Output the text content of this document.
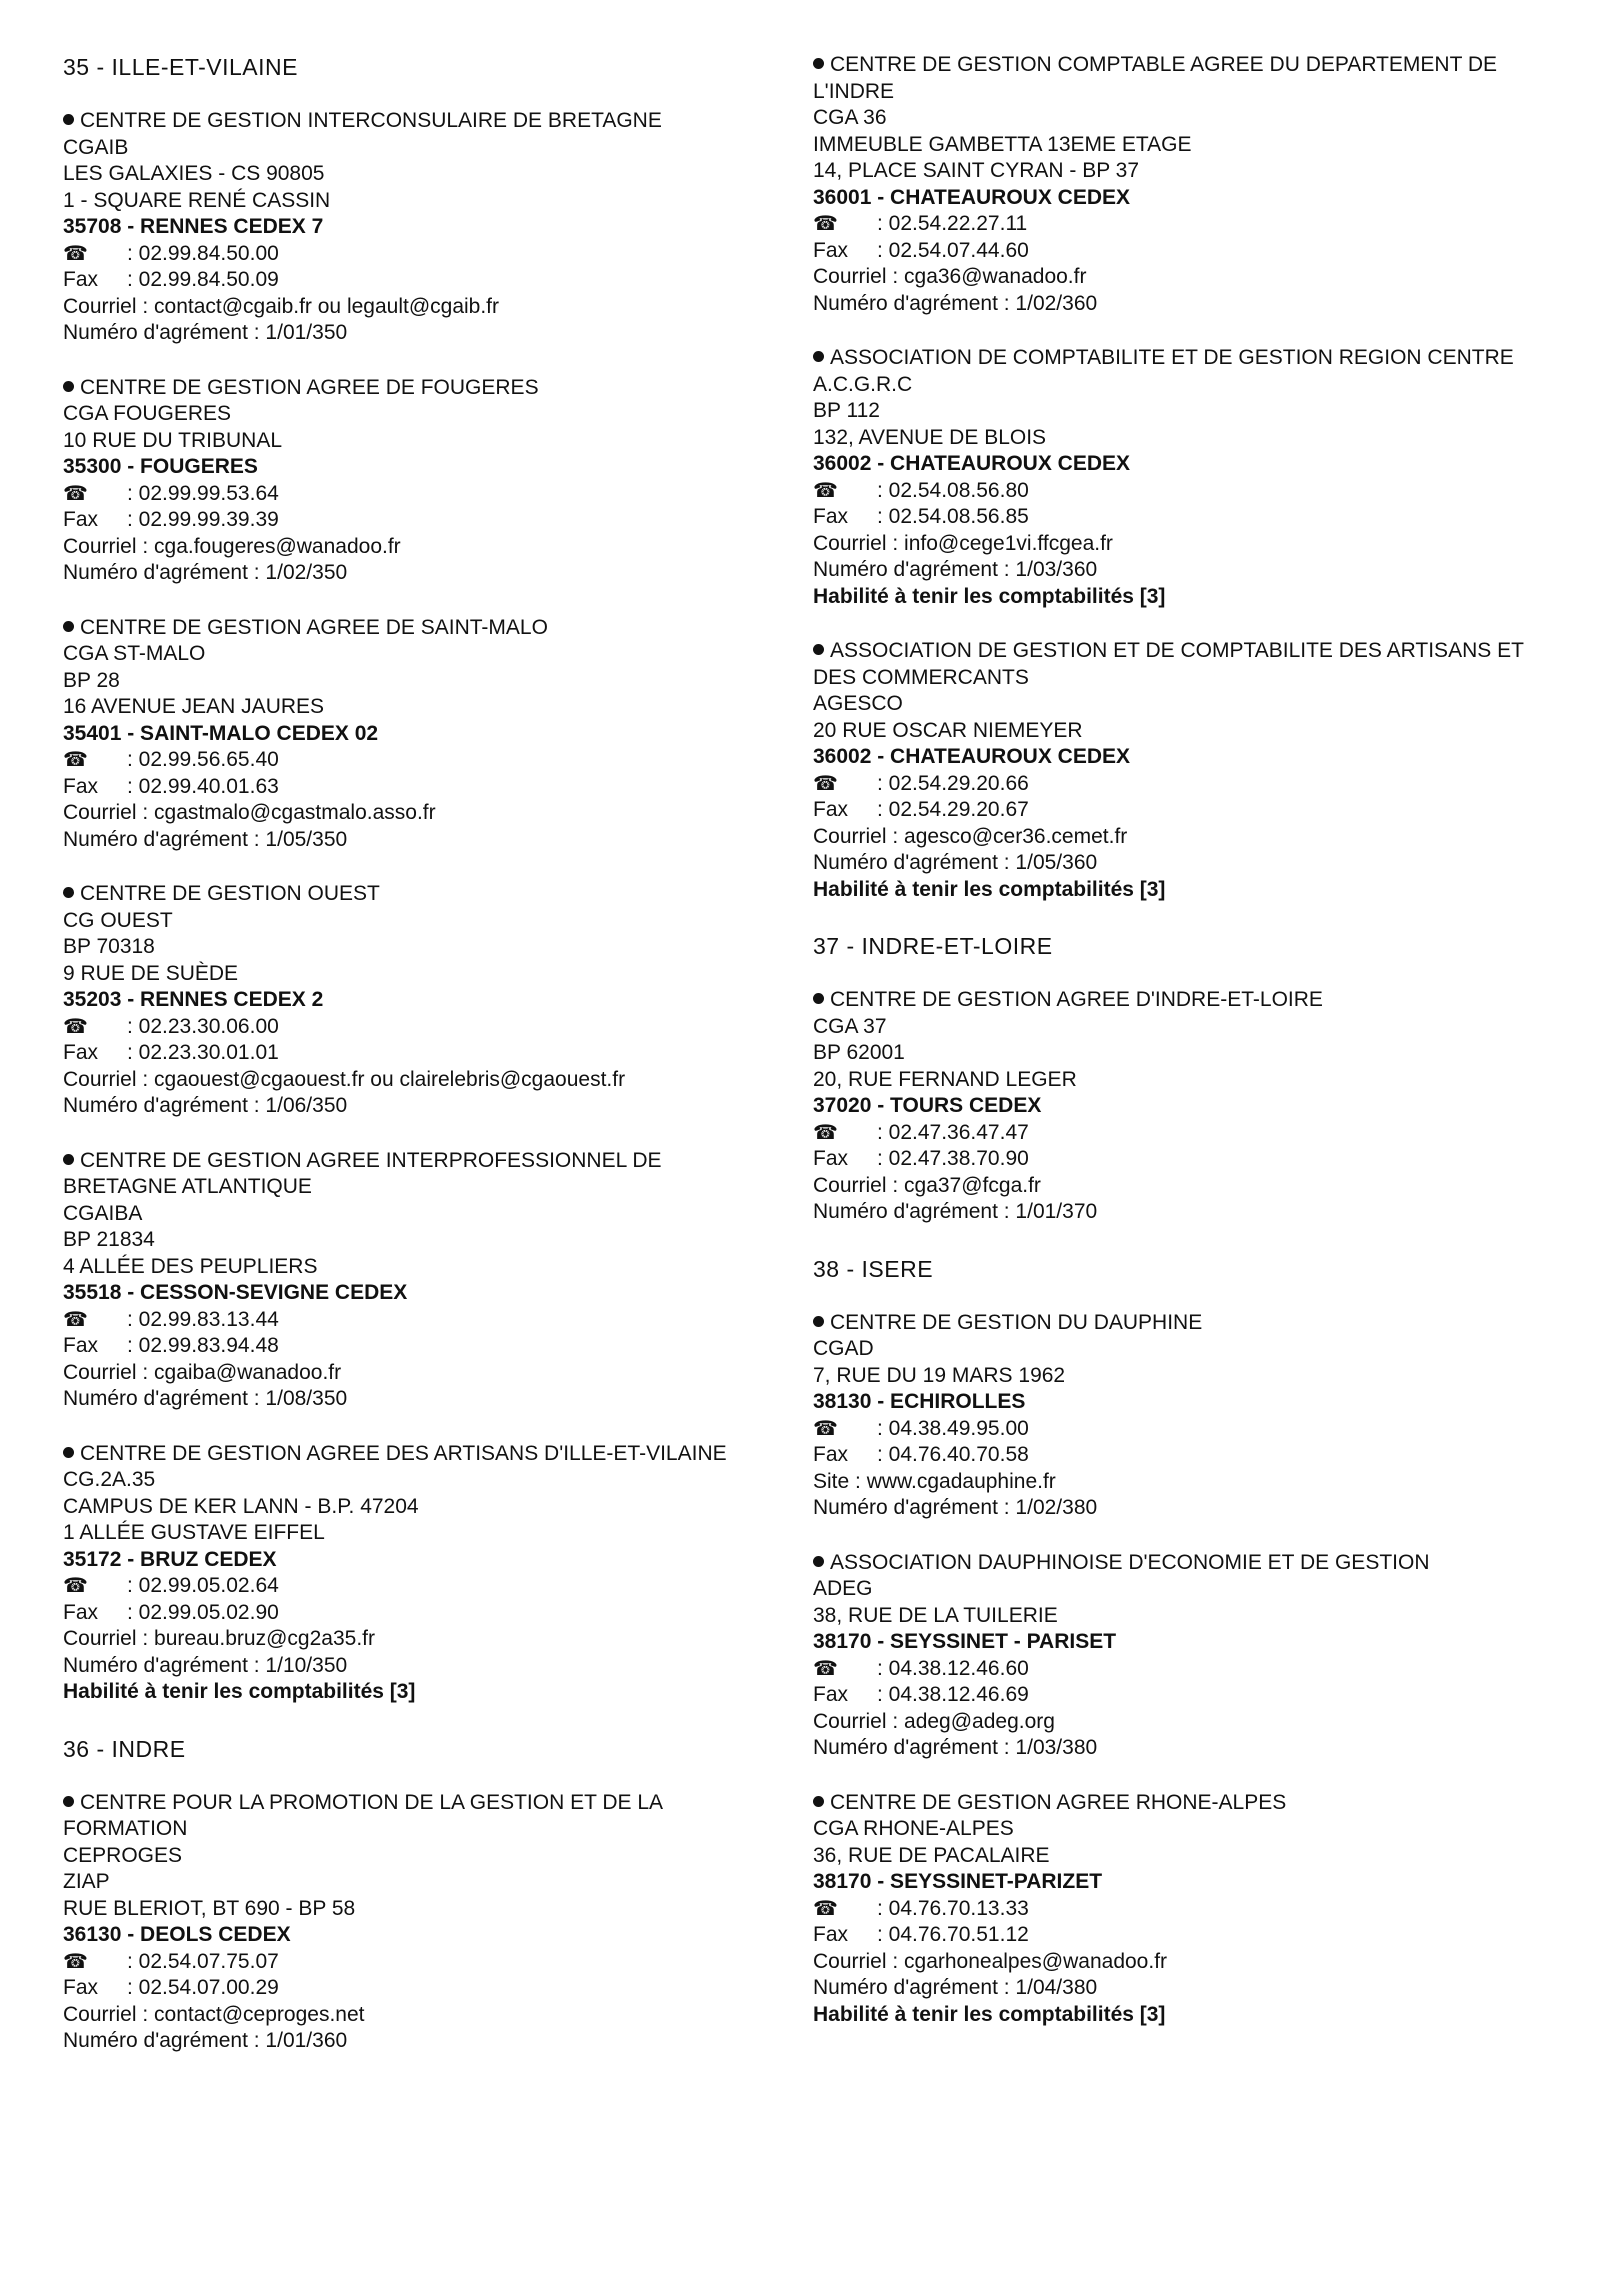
35 - ILLE-ET-VILAINE
CENTRE DE GESTION INTERCONSULAIRE DE BRETAGNE
CGAIB
LES GALAXIES - CS 90805
1 - SQUARE RENÉ CASSIN
35708 - RENNES CEDEX 7
☎ : 02.99.84.50.00
Fax : 02.99.84.50.09
Courriel : contact@cgaib.fr ou legault@cgaib.fr
Numéro d'agrément : 1/01/350
CENTRE DE GESTION AGREE DE FOUGERES
CGA FOUGERES
10 RUE DU TRIBUNAL
35300 - FOUGERES
☎ : 02.99.99.53.64
Fax : 02.99.99.39.39
Courriel : cga.fougeres@wanadoo.fr
Numéro d'agrément : 1/02/350
CENTRE DE GESTION AGREE DE SAINT-MALO
CGA ST-MALO
BP 28
16 AVENUE JEAN JAURES
35401 - SAINT-MALO CEDEX 02
☎ : 02.99.56.65.40
Fax : 02.99.40.01.63
Courriel : cgastmalo@cgastmalo.asso.fr
Numéro d'agrément : 1/05/350
CENTRE DE GESTION OUEST
CG OUEST
BP 70318
9 RUE DE SUÈDE
35203 - RENNES CEDEX 2
☎ : 02.23.30.06.00
Fax : 02.23.30.01.01
Courriel : cgaouest@cgaouest.fr ou clairelebris@cgaouest.fr
Numéro d'agrément : 1/06/350
CENTRE DE GESTION AGREE INTERPROFESSIONNEL DE BRETAGNE ATLANTIQUE
CGAIBA
BP 21834
4 ALLÉE DES PEUPLIERS
35518 - CESSON-SEVIGNE CEDEX
☎ : 02.99.83.13.44
Fax : 02.99.83.94.48
Courriel : cgaiba@wanadoo.fr
Numéro d'agrément : 1/08/350
CENTRE DE GESTION AGREE DES ARTISANS D'ILLE-ET-VILAINE
CG.2A.35
CAMPUS DE KER LANN - B.P. 47204
1 ALLÉE GUSTAVE EIFFEL
35172 - BRUZ CEDEX
☎ : 02.99.05.02.64
Fax : 02.99.05.02.90
Courriel : bureau.bruz@cg2a35.fr
Numéro d'agrément : 1/10/350
Habilité à tenir les comptabilités [3]
36 - INDRE
CENTRE POUR LA PROMOTION DE LA GESTION ET DE LA FORMATION
CEPROGES
ZIAP
RUE BLERIOT, BT 690 - BP 58
36130 - DEOLS CEDEX
☎ : 02.54.07.75.07
Fax : 02.54.07.00.29
Courriel : contact@ceproges.net
Numéro d'agrément : 1/01/360
CENTRE DE GESTION COMPTABLE AGREE DU DEPARTEMENT DE L'INDRE
CGA 36
IMMEUBLE GAMBETTA 13EME ETAGE
14, PLACE SAINT CYRAN - BP 37
36001 - CHATEAUROUX CEDEX
☎ : 02.54.22.27.11
Fax : 02.54.07.44.60
Courriel : cga36@wanadoo.fr
Numéro d'agrément : 1/02/360
ASSOCIATION DE COMPTABILITE ET DE GESTION REGION CENTRE
A.C.G.R.C
BP 112
132, AVENUE DE BLOIS
36002 - CHATEAUROUX CEDEX
☎ : 02.54.08.56.80
Fax : 02.54.08.56.85
Courriel : info@cege1vi.ffcgea.fr
Numéro d'agrément : 1/03/360
Habilité à tenir les comptabilités [3]
ASSOCIATION DE GESTION ET DE COMPTABILITE DES ARTISANS ET DES COMMERCANTS
AGESCO
20 RUE OSCAR NIEMEYER
36002 - CHATEAUROUX CEDEX
☎ : 02.54.29.20.66
Fax : 02.54.29.20.67
Courriel : agesco@cer36.cemet.fr
Numéro d'agrément : 1/05/360
Habilité à tenir les comptabilités [3]
37 - INDRE-ET-LOIRE
CENTRE DE GESTION AGREE D'INDRE-ET-LOIRE
CGA 37
BP 62001
20, RUE FERNAND LEGER
37020 - TOURS CEDEX
☎ : 02.47.36.47.47
Fax : 02.47.38.70.90
Courriel : cga37@fcga.fr
Numéro d'agrément : 1/01/370
38 - ISERE
CENTRE DE GESTION DU DAUPHINE
CGAD
7, RUE DU 19 MARS 1962
38130 - ECHIROLLES
☎ : 04.38.49.95.00
Fax : 04.76.40.70.58
Site : www.cgadauphine.fr
Numéro d'agrément : 1/02/380
ASSOCIATION DAUPHINOISE D'ECONOMIE ET DE GESTION
ADEG
38, RUE DE LA TUILERIE
38170 - SEYSSINET - PARISET
☎ : 04.38.12.46.60
Fax : 04.38.12.46.69
Courriel : adeg@adeg.org
Numéro d'agrément : 1/03/380
CENTRE DE GESTION AGREE RHONE-ALPES
CGA RHONE-ALPES
36, RUE DE PACALAIRE
38170 - SEYSSINET-PARIZET
☎ : 04.76.70.13.33
Fax : 04.76.70.51.12
Courriel : cgarhonealpes@wanadoo.fr
Numéro d'agrément : 1/04/380
Habilité à tenir les comptabilités [3]
